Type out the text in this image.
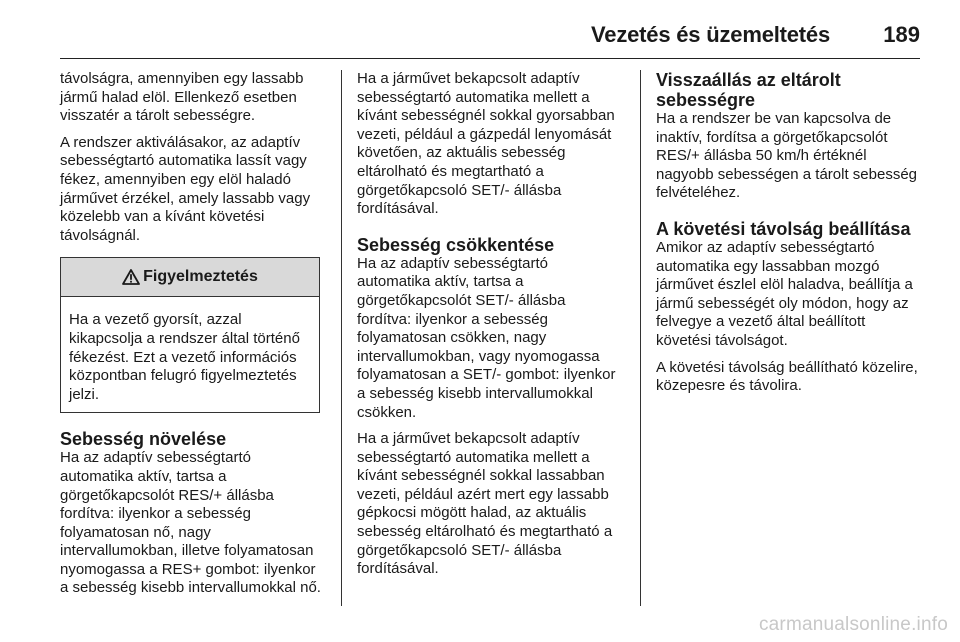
Vezetés és üzemeltetés 189

távolságra, amennyiben egy lassabb jármű halad elöl. Ellenkező esetben visszatér a tárolt sebességre.

A rendszer aktiválásakor, az adaptív sebességtartó automatika lassít vagy fékez, amennyiben egy elöl haladó járművet érzékel, amely lassabb vagy közelebb van a kívánt követési távolságnál.

Figyelmeztetés
Ha a vezető gyorsít, azzal kikapcsolja a rendszer által történő fékezést. Ezt a vezető információs központban felugró figyelmeztetés jelzi.
Sebesség növelése

Ha az adaptív sebességtartó automatika aktív, tartsa a görgetőkapcsolót RES/+ állásba fordítva: ilyenkor a sebesség folyamatosan nő, nagy intervallumokban, illetve folyamatosan nyomogassa a RES+ gombot: ilyenkor a sebesség kisebb intervallumokkal nő.

Ha a járművet bekapcsolt adaptív sebességtartó automatika mellett a kívánt sebességnél sokkal gyorsabban vezeti, például a gázpedál lenyomását követően, az aktuális sebesség eltárolható és megtartható a görgetőkapcsoló SET/- állásba fordításával.

Sebesség csökkentése

Ha az adaptív sebességtartó automatika aktív, tartsa a görgetőkapcsolót SET/- állásba fordítva: ilyenkor a sebesség folyamatosan csökken, nagy intervallumokban, vagy nyomogassa folyamatosan a SET/- gombot: ilyenkor a sebesség kisebb intervallumokkal csökken.

Ha a járművet bekapcsolt adaptív sebességtartó automatika mellett a kívánt sebességnél sokkal lassabban vezeti, például azért mert egy lassabb gépkocsi mögött halad, az aktuális sebesség eltárolható és megtartható a görgetőkapcsoló SET/- állásba fordításával.

Visszaállás az eltárolt sebességre

Ha a rendszer be van kapcsolva de inaktív, fordítsa a görgetőkapcsolót RES/+ állásba 50 km/h értéknél nagyobb sebességen a tárolt sebesség felvételéhez.

A követési távolság beállítása

Amikor az adaptív sebességtartó automatika egy lassabban mozgó járművet észlel elöl haladva, beállítja a jármű sebességét oly módon, hogy az felvegye a vezető által beállított követési távolságot.

A követési távolság beállítható közelire, közepesre és távolira.

carmanualsonline.info
